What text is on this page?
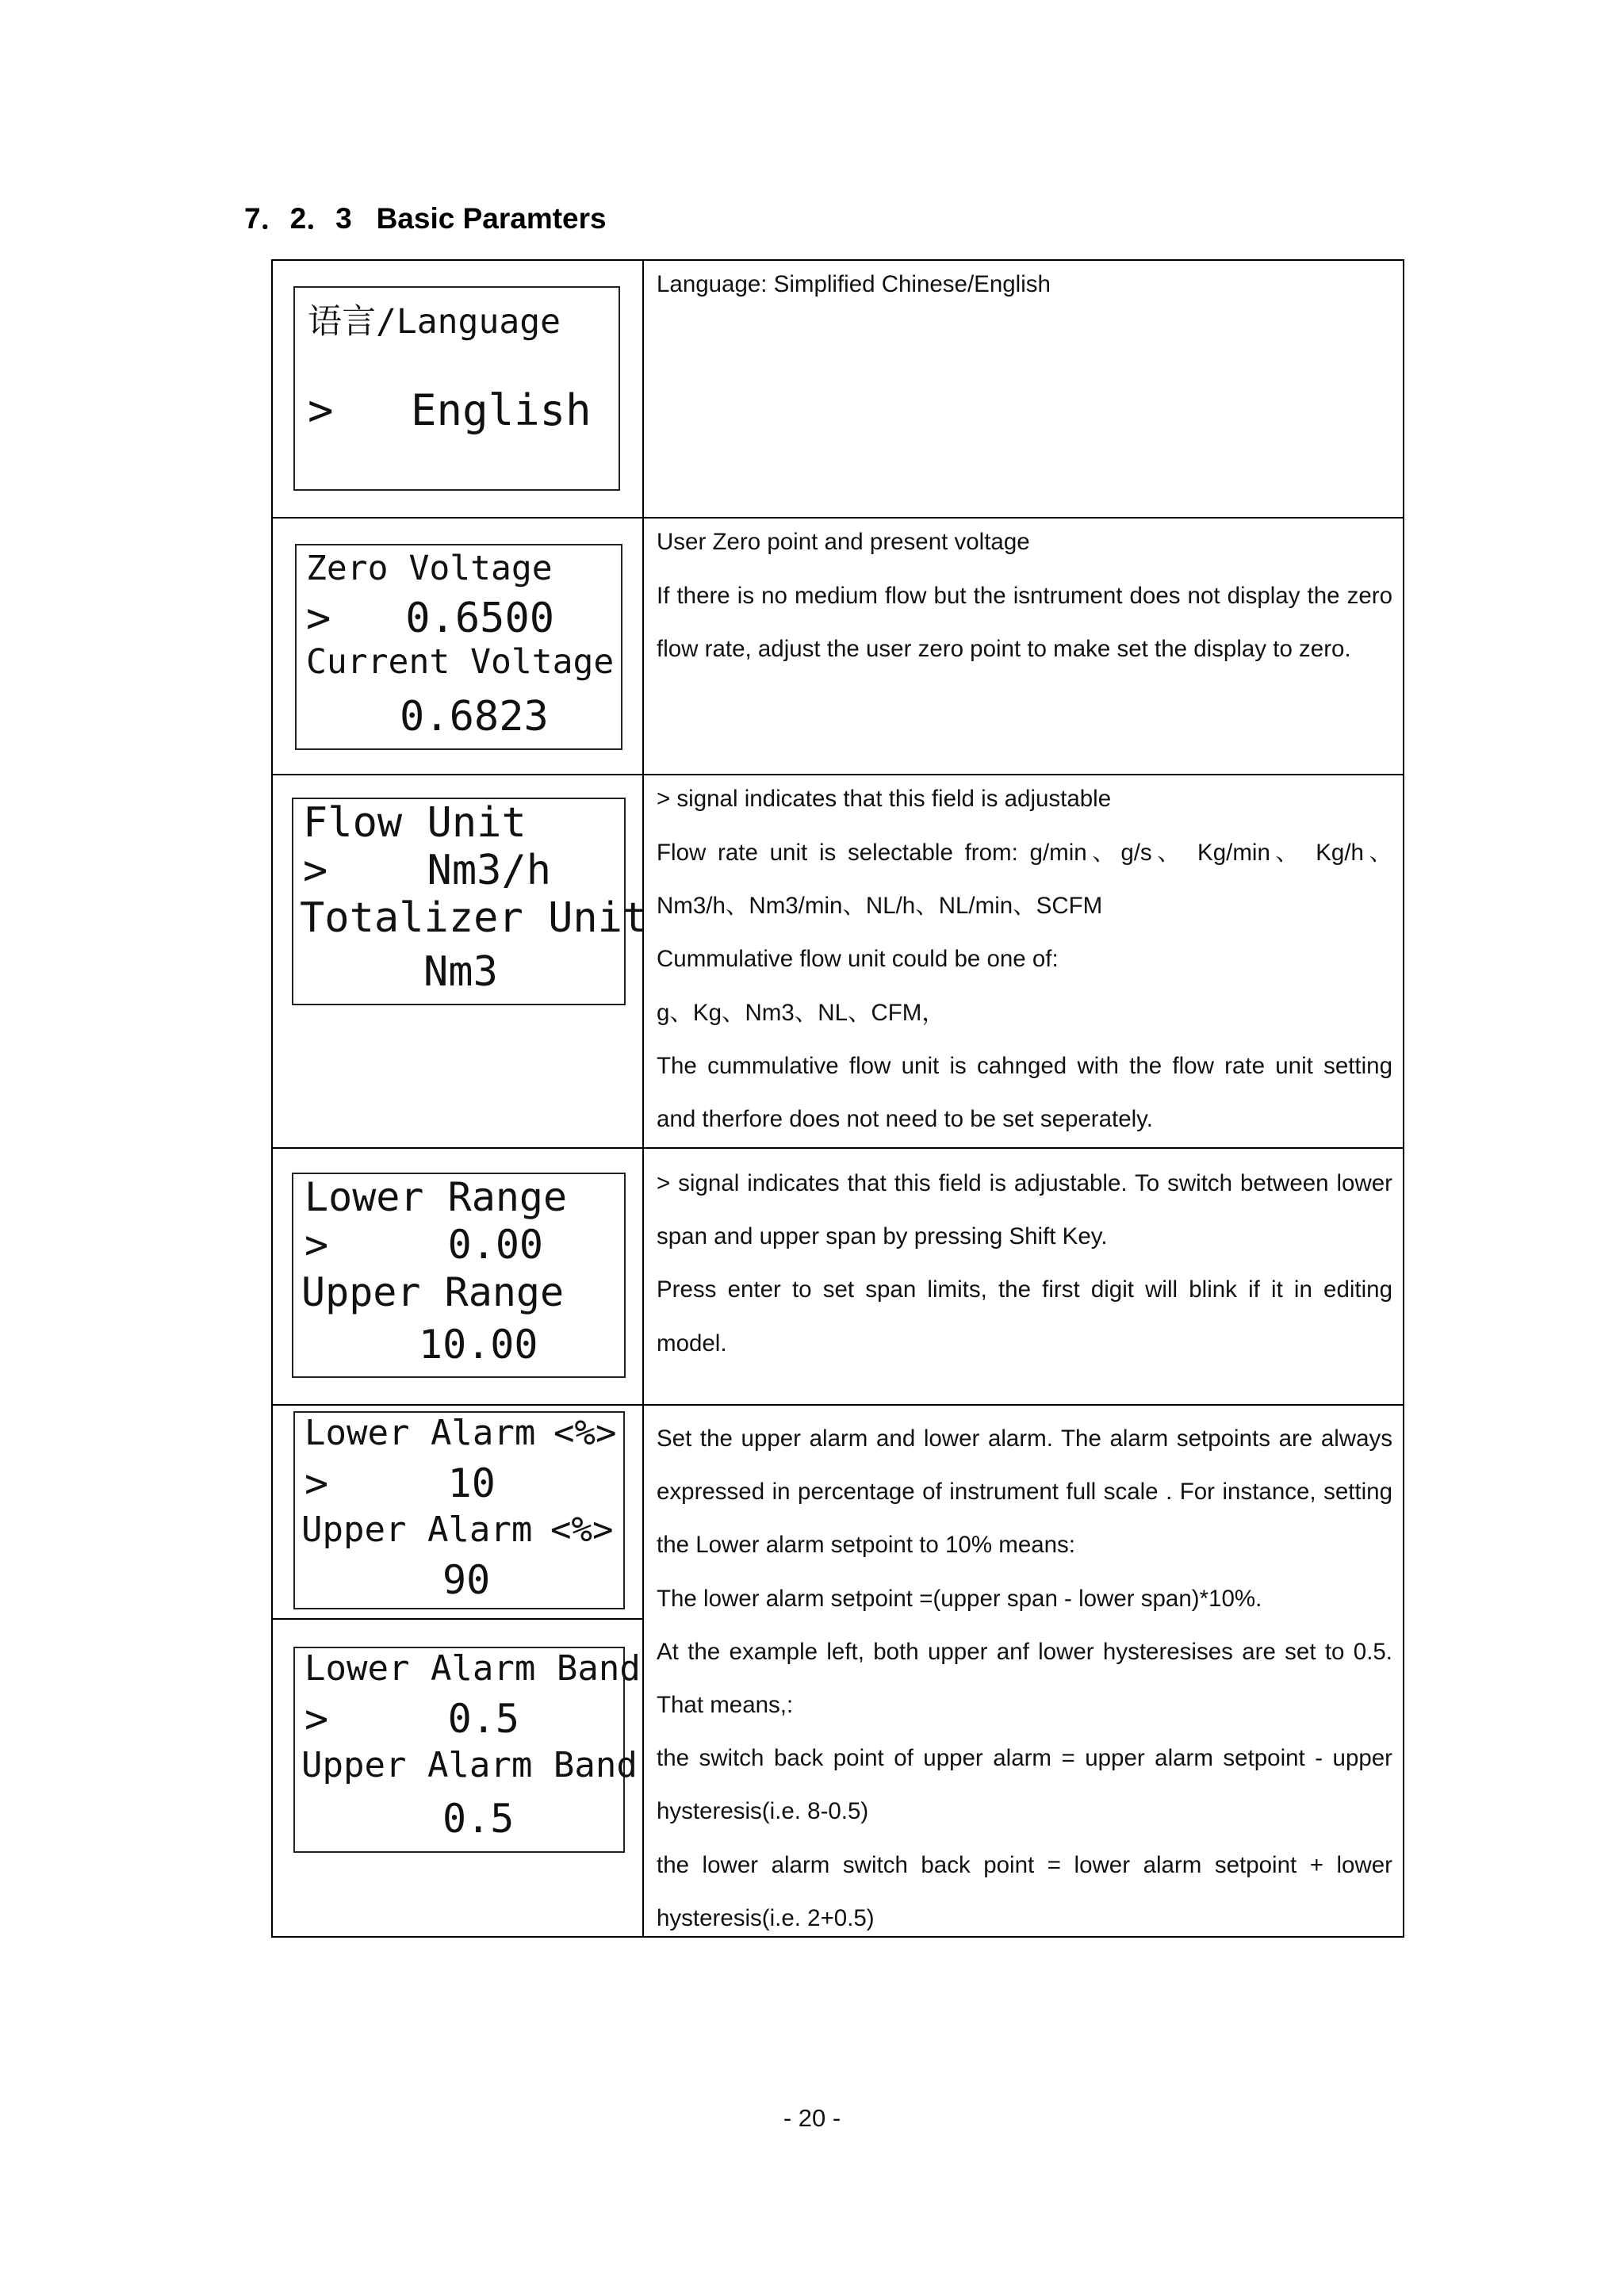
7．2．3 Basic Paramters
语言/Language
>   English

Language: Simplified Chinese/English

Zero Voltage
>   0.6500
Current Voltage
0.6823

User Zero point and present voltage

If there is no medium flow but the isntrument does not display the zero flow rate, adjust the user zero point to make set the display to zero.

Flow Unit
>    Nm3/h
Totalizer Unit
Nm3

> signal indicates that this field is adjustable

Flow rate unit is selectable from: g/min、g/s、 Kg/min、 Kg/h、Nm3/h、Nm3/min、NL/h、NL/min、SCFM

Cummulative flow unit could be one of:

g、Kg、Nm3、NL、CFM，

The cummulative flow unit is cahnged with the flow rate unit setting and therfore does not need to be set seperately.

Lower Range
>     0.00
Upper Range
10.00

> signal indicates that this field is adjustable. To switch between lower span and upper span by pressing Shift Key.

Press enter to set span limits, the first digit will blink if it in editing model.

Lower Alarm <%>
>     10
Upper Alarm <%>
90
Lower Alarm Band
>     0.5
Upper Alarm Band
0.5

Set the upper alarm and lower alarm. The alarm setpoints are always expressed in percentage of instrument full scale . For instance, setting the Lower alarm setpoint to 10% means:

The lower alarm setpoint =(upper span - lower span)*10%.

At the example left, both upper anf lower hysteresises are set to 0.5. That means,:

the switch back point of upper alarm = upper alarm setpoint - upper hysteresis(i.e. 8-0.5)

the lower alarm switch back point = lower alarm setpoint + lower hysteresis(i.e. 2+0.5)

- 20 -
